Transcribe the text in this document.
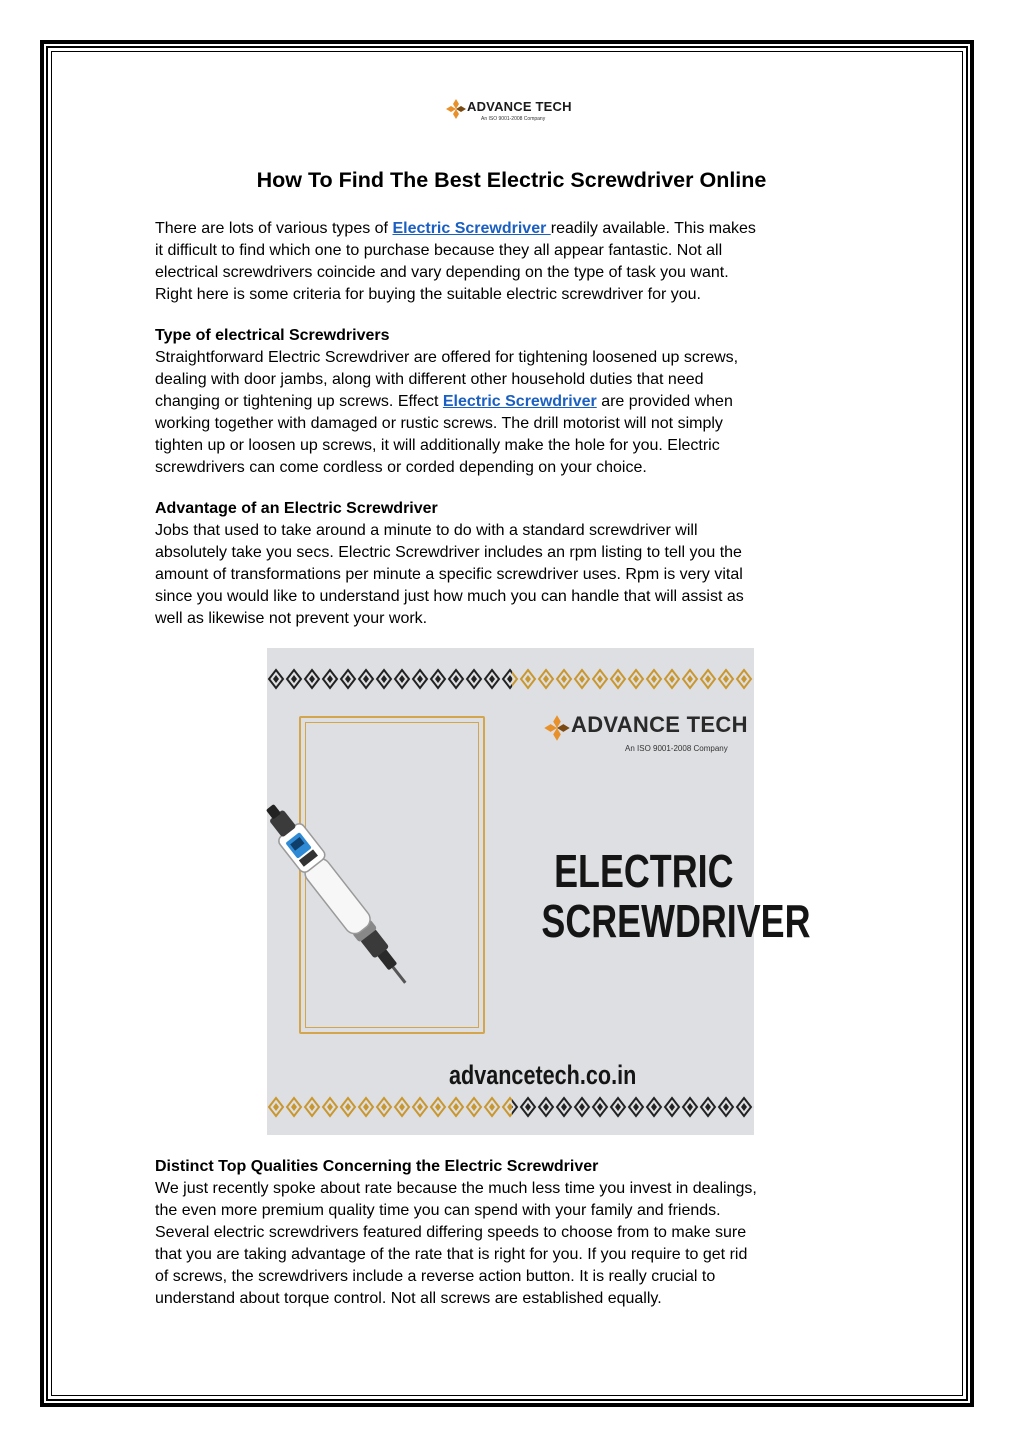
ADVANCE TECH
An ISO 9001-2008 Company
How To Find The Best Electric Screwdriver Online
There are lots of various types of Electric Screwdriver readily available. This makes
it difficult to find which one to purchase because they all appear fantastic. Not all
electrical screwdrivers coincide and vary depending on the type of task you want.
Right here is some criteria for buying the suitable electric screwdriver for you.
Type of electrical Screwdrivers
Straightforward Electric Screwdriver are offered for tightening loosened up screws,
dealing with door jambs, along with different other household duties that need
changing or tightening up screws. Effect Electric Screwdriver are provided when
working together with damaged or rustic screws. The drill motorist will not simply
tighten up or loosen up screws, it will additionally make the hole for you. Electric
screwdrivers can come cordless or corded depending on your choice.
Advantage of an Electric Screwdriver
Jobs that used to take around a minute to do with a standard screwdriver will
absolutely take you secs. Electric Screwdriver includes an rpm listing to tell you the
amount of transformations per minute a specific screwdriver uses. Rpm is very vital
since you would like to understand just how much you can handle that will assist as
well as likewise not prevent your work.
ADVANCE TECH
An ISO 9001-2008 Company
ELECTRIC
SCREWDRIVER
advancetech.co.in
Distinct Top Qualities Concerning the Electric Screwdriver
We just recently spoke about rate because the much less time you invest in dealings,
the even more premium quality time you can spend with your family and friends.
Several electric screwdrivers featured differing speeds to choose from to make sure
that you are taking advantage of the rate that is right for you. If you require to get rid
of screws, the screwdrivers include a reverse action button. It is really crucial to
understand about torque control. Not all screws are established equally.
